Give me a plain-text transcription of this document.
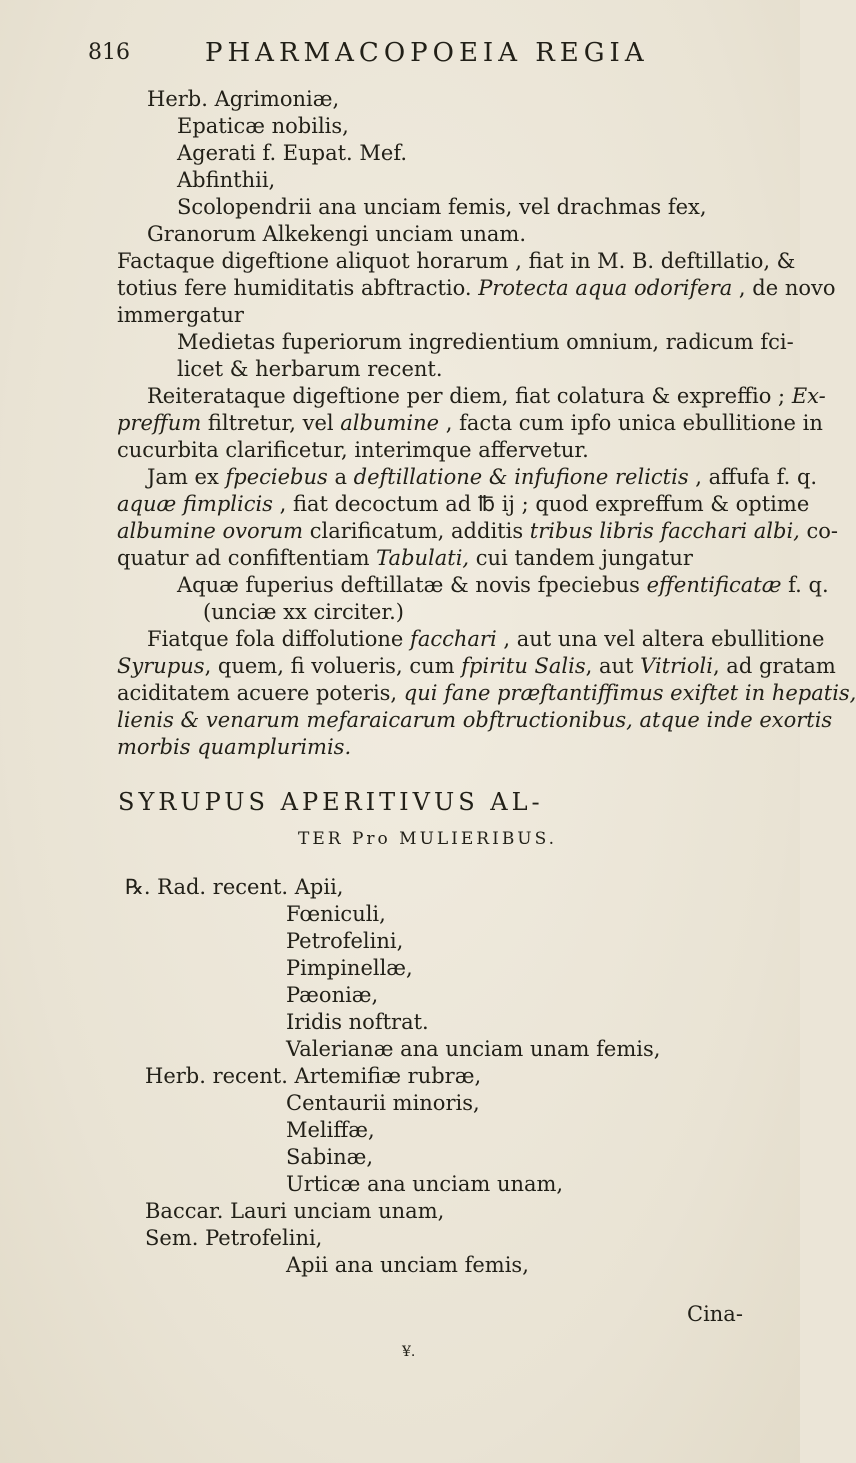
816	PHARMACOPOEIA REGIA
Herb. Agrimoniæ,
Epaticæ nobilis,
Agerati f. Eupat. Mef.
Abfinthii,
Scolopendrii ana unciam femis, vel drachmas fex,
Granorum Alkekengi unciam unam.
Factaque digeftione aliquot horarum , fiat in M. B. deftillatio, &
totius fere humiditatis abftractio. Protecta aqua odorifera , de novo
immergatur
Medietas fuperiorum ingredientium omnium, radicum fci-
licet & herbarum recent.
Reiterataque digeftione per diem, fiat colatura & expreffio ; Ex-
preffum filtretur, vel albumine , facta cum ipfo unica ebullitione in
cucurbita clarificetur, interimque affervetur.
Jam ex fpeciebus a deftillatione & infufione relictis , affufa f. q.
aquæ fimplicis , fiat decoctum ad ℔ ij ; quod expreffum & optime
albumine ovorum clarificatum, additis tribus libris facchari albi, co-
quatur ad confiftentiam Tabulati, cui tandem jungatur
Aquæ fuperius deftillatæ & novis fpeciebus effentificatæ f. q.
(unciæ xx circiter.)
Fiatque fola diffolutione facchari , aut una vel altera ebullitione
Syrupus, quem, fi volueris, cum fpiritu Salis, aut Vitrioli, ad gratam
aciditatem acuere poteris, qui fane præftantiffimus exiftet in hepatis,
lienis & venarum mefaraicarum obftructionibus, atque inde exortis
morbis quamplurimis.
SYRUPUS APERITIVUS AL-
TER Pro MULIERIBUS.
℞. Rad. recent. Apii,
Fœniculi,
Petrofelini,
Pimpinellæ,
Pæoniæ,
Iridis noftrat.
Valerianæ ana unciam unam femis,
Herb. recent. Artemifiæ rubræ,
Centaurii minoris,
Meliffæ,
Sabinæ,
Urticæ ana unciam unam,
Baccar. Lauri unciam unam,
Sem. Petrofelini,
Apii ana unciam femis,
Cina-
¥.
